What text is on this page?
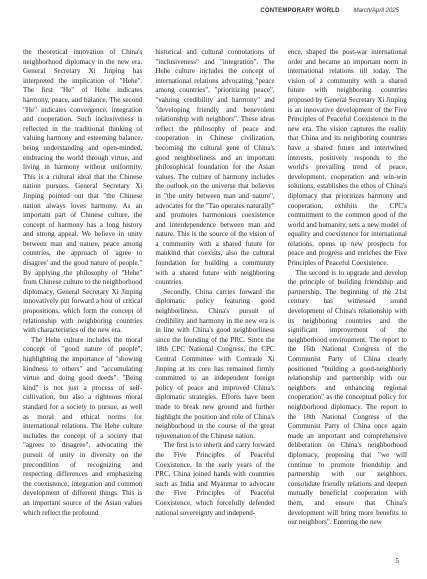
CONTEMPORARY WORLD March/April 2025

the theoretical innovation of China's neighborhood diplomacy in the new era. General Secretary Xi Jinping has interpreted the implication of "Hehe". The first "He" of Hehe indicates harmony, peace, and balance. The second "He" indicates convergence, integration and cooperation. Such inclusiveness is reflected in the traditional thinking of valuing harmony and esteeming balance, being understanding and open-minded, embracing the world through virtue, and living in harmony without uniformity. This is a cultural ideal that the Chinese nation pursues. General Secretary Xi Jinping pointed out that "the Chinese nation always loves harmony. As an important part of Chinese culture, the concept of harmony has a long history and strong appeal. We believe in unity between man and nature, peace among countries, the approach of 'agree to disagree' and the good nature of people." By applying the philosophy of "Hehe" from Chinese culture to the neighborhood diplomacy, General Secretary Xi Jinping innovatively put forward a host of critical propositions, which form the concept of relationship with neighboring countries with characteristics of the new era.

The Hehe culture includes the moral concept of "good nature of people", highlighting the importance of "showing kindness to others" and "accumulating virtue and doing good deeds". "Being kind" is not just a process of self-cultivation, but also a righteous moral standard for a society to pursue, as well as moral and ethical norms for international relations. The Hehe culture includes the concept of a society that "agrees to disagree", advocating the pursuit of unity in diversity on the precondition of recognizing and respecting differences and emphasizing the coexistence, integration and common development of different things. This is an important source of the Asian values which reflect the profound

historical and cultural connotations of "inclusiveness" and "integration". The Hehe culture includes the concept of international relations advocating "peace among countries", "prioritizing peace", "valuing credibility and harmony" and "developing friendly and benevolent relationship with neighbors". These ideas reflect the philosophy of peace and cooperation in Chinese civilization, becoming the cultural gene of China's good neighborliness and an important philosophical foundation for the Asian values. The culture of harmony includes the outlook on the universe that believes in "the unity between man and nature", advocates for the "Tao operates naturally" and promotes harmonious coexistence and interdependence between man and nature. This is the source of the vision of a community with a shared future for mankind that coexists, also the cultural foundation for building a community with a shared future with neighboring countries.

Secondly, China carries forward the diplomatic policy featuring good neighborliness. China's pursuit of credibility and harmony in the new era is in line with China's good neighborliness since the founding of the PRC. Since the 18th CPC National Congress, the CPC Central Committee with Comrade Xi Jinping at its core has remained firmly committed to an independent foreign policy of peace and improved China's diplomatic strategies. Efforts have been made to break new ground and further highlight the position and role of China's neighborhood in the course of the great rejuvenation of the Chinese nation.

The first is to inherit and carry forward the Five Principles of Peaceful Coexistence. In the early years of the PRC, China joined hands with countries such as India and Myanmar to advocate the Five Principles of Peaceful Coexistence, which forcefully defended national sovereignty and independ-

ence, shaped the post-war international order and became an important norm in international relations till today. The vision of a community with a shared future with neighboring countries proposed by General Secretary Xi Jinping is an innovative development of the Five Principles of Peaceful Coexistence in the new era. The vision captures the reality that China and its neighboring countries have a shared future and intertwined interests, positively responds to the world's prevailing trend of peace, development, cooperation and win-win solutions, establishes the ethos of China's diplomacy that prioritizes harmony and cooperation, exhibits the CPC's commitment to the common good of the world and humanity, sets a new model of equality and coexistence for international relations, opens up new prospects for peace and progress and enriches the Five Principles of Peaceful Coexistence.

The second is to upgrade and develop the principle of building friendship and partnership. The beginning of the 21st century has witnessed sound development of China's relationship with its neighboring countries and the significant improvement of the neighborhood environment. The report to the 16th National Congress of the Communist Party of China clearly positioned "building a good-neighborly relationship and partnership with our neighbors and enhancing regional cooperation" as the conceptual policy for neighborhood diplomacy. The report to the 18th National Congress of the Communist Party of China once again made an important and comprehensive deliberation on China's neighborhood diplomacy, proposing that "we will continue to promote friendship and partnership with our neighbors, consolidate friendly relations and deepen mutually beneficial cooperation with them, and ensure that China's development will bring more benefits to our neighbors". Entering the new

5
